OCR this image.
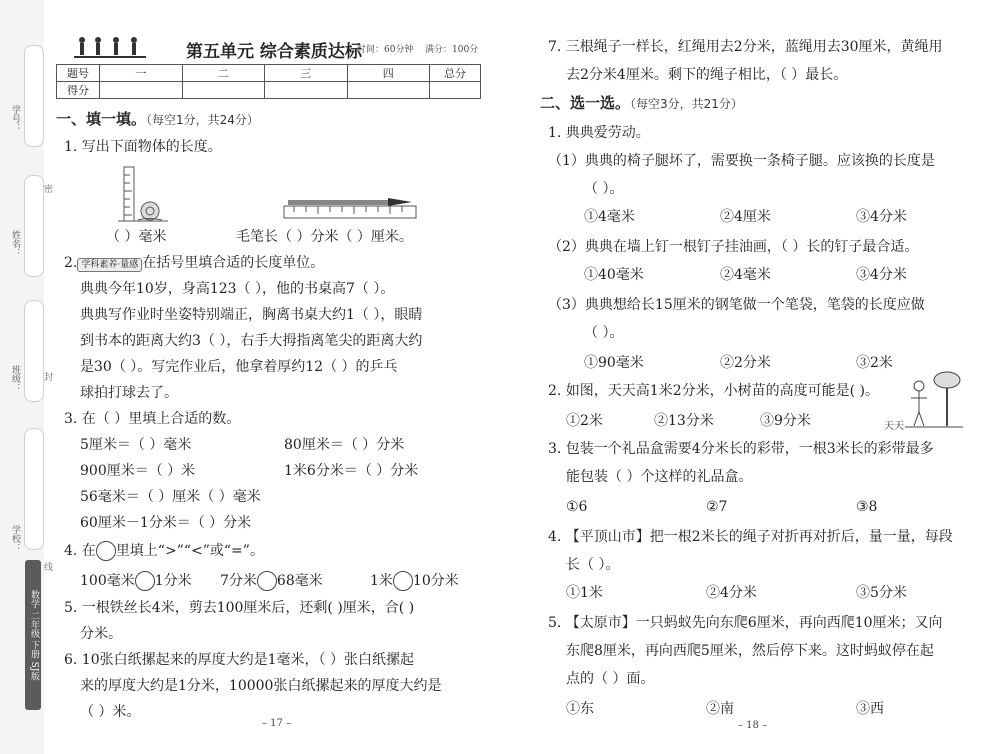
学号：
姓名：
班级：
学校：
密
封
线
数学 二年级 下册 SJ版
第五单元 综合素质达标
时间：60分钟 满分：100分
题号	一	二	三	四	总分
得分					
一、填一填。（每空1分，共24分）
1. 写出下面物体的长度。
（ ）毫米	毛笔长（ ）分米（ ）厘米。
2. 学科素养·量感 在括号里填合适的长度单位。
典典今年10岁，身高123（ ），他的书桌高7（ ）。
典典写作业时坐姿特别端正，胸离书桌大约1（ ），眼睛
到书本的距离大约3（ ），右手大拇指离笔尖的距离大约
是30（ ）。写完作业后，他拿着厚约12（ ）的乒乓
球拍打球去了。
3. 在（ ）里填上合适的数。
5厘米＝（ ）毫米	80厘米＝（ ）分米
900厘米＝（ ）米	1米6分米＝（ ）分米
56毫米＝（ ）厘米（ ）毫米
60厘米－1分米＝（ ）分米
4. 在 里填上“>”“<”或“=”。
100毫米 1分米 7分米 68毫米	1米 10分米
5. 一根铁丝长4米，剪去100厘米后，还剩( )厘米，合( )
分米。
6. 10张白纸摞起来的厚度大约是1毫米，（ ）张白纸摞起
来的厚度大约是1分米，10000张白纸摞起来的厚度大约是
（ ）米。
– 17 –
7. 三根绳子一样长，红绳用去2分米，蓝绳用去30厘米，黄绳用
去2分米4厘米。剩下的绳子相比，（ ）最长。
二、选一选。（每空3分，共21分）
1. 典典爱劳动。
（1）典典的椅子腿坏了，需要换一条椅子腿。应该换的长度是
（ ）。
①4毫米	②4厘米	③4分米
（2）典典在墙上钉一根钉子挂油画，（ ）长的钉子最合适。
①40毫米	②4毫米	③4分米
（3）典典想给长15厘米的钢笔做一个笔袋，笔袋的长度应做
（ ）。
①90毫米	②2分米	③2米
2. 如图，天天高1米2分米，小树苗的高度可能是( )。
①2米	②13分米	③9分米	天天
3. 包装一个礼品盒需要4分米长的彩带，一根3米长的彩带最多
能包装（ ）个这样的礼品盒。
①6	②7	③8
4. 【平顶山市】把一根2米长的绳子对折再对折后，量一量，每段
长（ ）。
①1米	②4分米	③5分米
5. 【太原市】一只蚂蚁先向东爬6厘米，再向西爬10厘米；又向
东爬8厘米，再向西爬5厘米，然后停下来。这时蚂蚁停在起
点的（ ）面。
①东	②南	③西
– 18 –
